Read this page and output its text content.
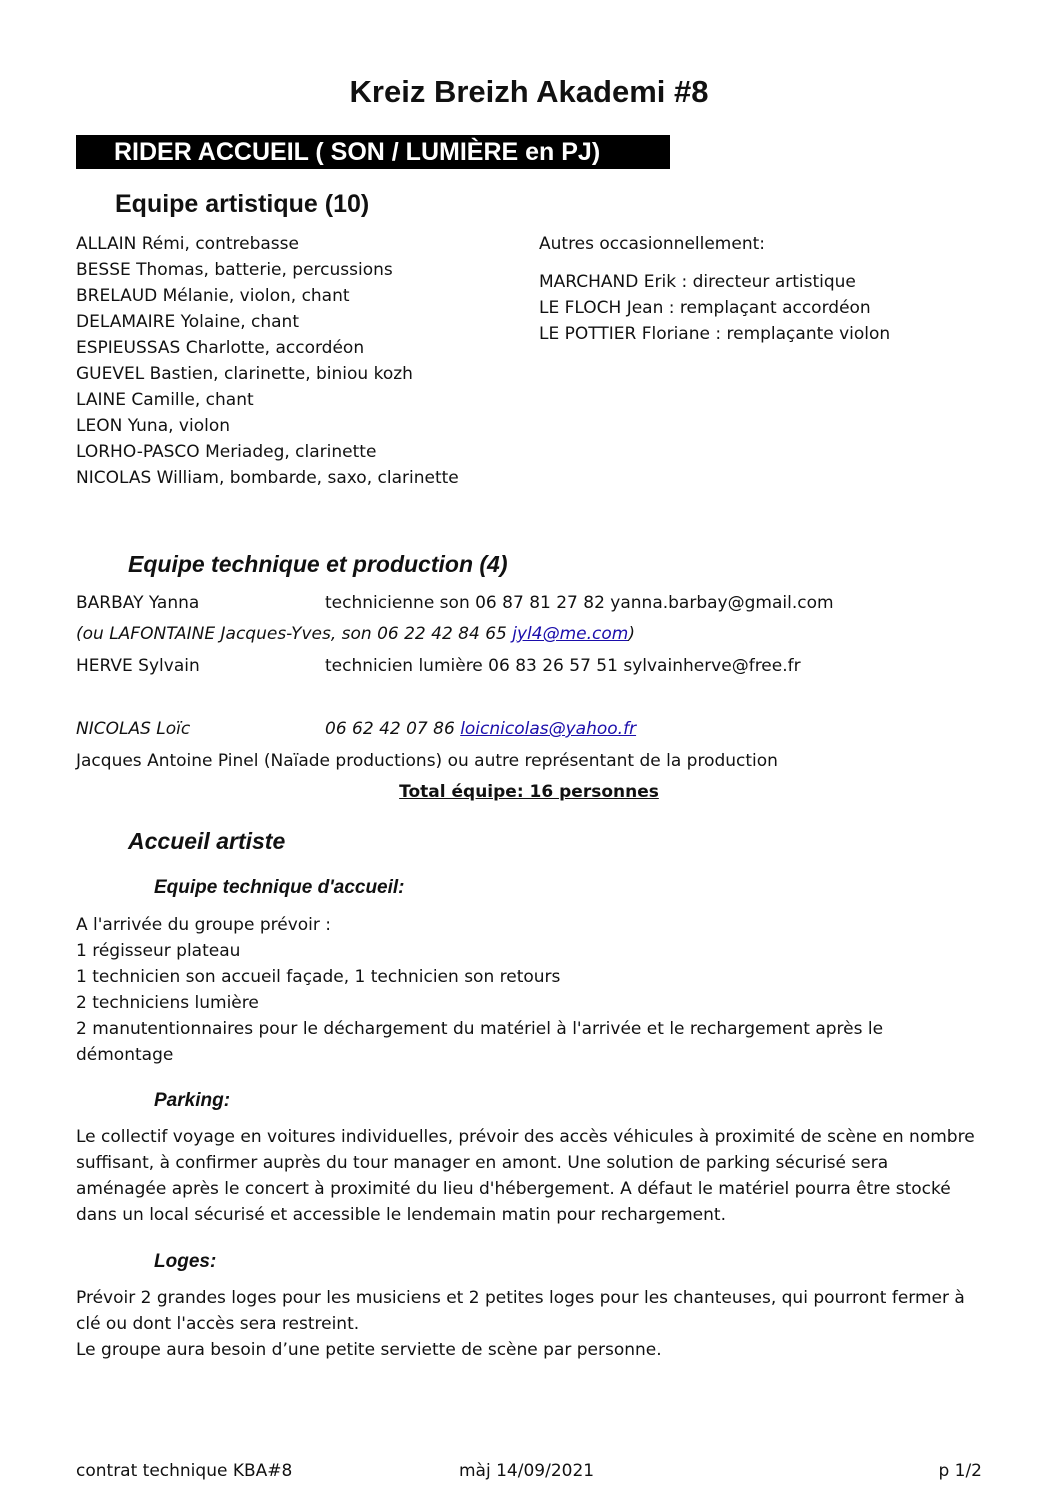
Kreiz Breizh Akademi #8
RIDER ACCUEIL ( SON / LUMIÈRE en PJ)
Equipe artistique (10)
ALLAIN Rémi, contrebasse
BESSE Thomas, batterie, percussions
BRELAUD Mélanie, violon, chant
DELAMAIRE Yolaine, chant
ESPIEUSSAS Charlotte, accordéon
GUEVEL Bastien, clarinette, biniou kozh
LAINE Camille, chant
LEON Yuna, violon
LORHO-PASCO Meriadeg, clarinette
NICOLAS William, bombarde, saxo, clarinette
Autres occasionnellement:
MARCHAND Erik : directeur artistique
LE FLOCH Jean : remplaçant accordéon
LE POTTIER Floriane : remplaçante violon
Equipe technique et production (4)
BARBAY Yanna	technicienne son 06 87 81 27 82 yanna.barbay@gmail.com
(ou LAFONTAINE Jacques-Yves, son 06 22 42 84 65 jyl4@me.com)
HERVE Sylvain	technicien lumière 06 83 26 57 51 sylvainherve@free.fr
NICOLAS Loïc	06 62 42 07 86 loicnicolas@yahoo.fr
Jacques Antoine Pinel (Naïade productions) ou autre représentant de la production
Total équipe: 16 personnes
Accueil artiste
Equipe technique d'accueil:
A l'arrivée du groupe prévoir :
1 régisseur plateau
1 technicien son accueil façade, 1 technicien son retours
2 techniciens lumière
2 manutentionnaires pour le déchargement du matériel à l'arrivée et le rechargement après le
démontage
Parking:
Le collectif voyage en voitures individuelles, prévoir des accès véhicules à proximité de scène en nombre
suffisant, à confirmer auprès du tour manager en amont. Une solution de parking sécurisé sera
aménagée après le concert à proximité du lieu d'hébergement. A défaut le matériel pourra être stocké
dans un local sécurisé et accessible le lendemain matin pour rechargement.
Loges:
Prévoir 2 grandes loges pour les musiciens et 2 petites loges pour les chanteuses, qui pourront fermer à
clé ou dont l'accès sera restreint.
Le groupe aura besoin d’une petite serviette de scène par personne.
contrat technique KBA#8	màj 14/09/2021	p 1/2
